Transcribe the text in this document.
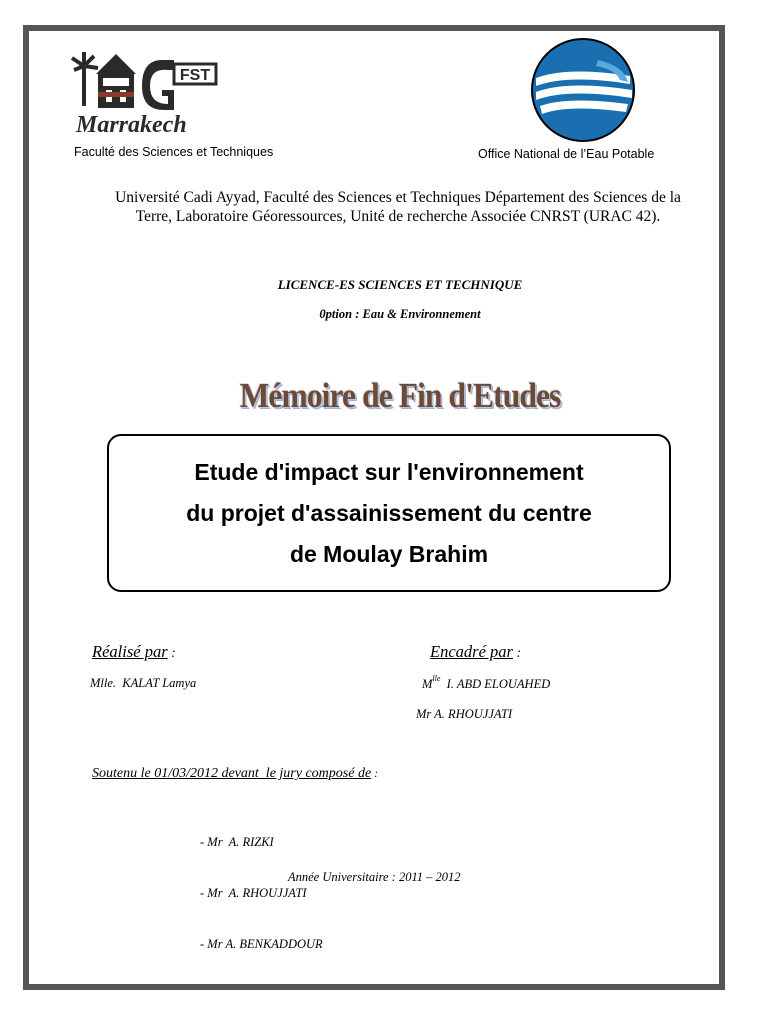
FST
Marrakech
Faculté des Sciences et Techniques	Office National de l’Eau Potable
Université Cadi Ayyad, Faculté des Sciences et Techniques Département des Sciences de la Terre, Laboratoire Géoressources, Unité de recherche Associée CNRST (URAC 42).
LICENCE-ES SCIENCES ET TECHNIQUE
0ption : Eau & Environnement
Mémoire de Fin d'Etudes
Etude d'impact sur l'environnement
du projet d'assainissement du centre
de Moulay Brahim
Réalisé par :	Encadré par :
Mlle.  KALAT Lamya	$M^{lle}$  I. ABD ELOUAHED
Mr A. RHOUJJATI
Soutenu le 01/03/2012 devant  le jury composé de :

- Mr  A. RIZKI

- Mr  A. RHOUJJATI

- Mr A. BENKADDOUR

Année Universitaire : 2011 – 2012
